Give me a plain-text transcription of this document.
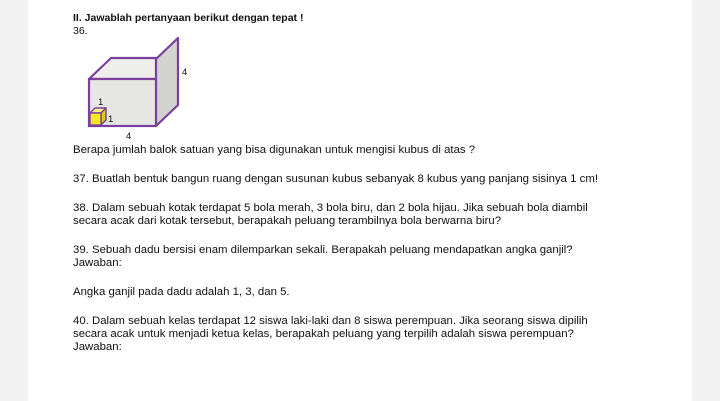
II. Jawablah pertanyaan berikut dengan tepat !

36.

4
4
1
1

Berapa jumlah balok satuan yang bisa digunakan untuk mengisi kubus di atas ?

37. Buatlah bentuk bangun ruang dengan susunan kubus sebanyak 8 kubus yang panjang sisinya 1 cm!

38. Dalam sebuah kotak terdapat 5 bola merah, 3 bola biru, dan 2 bola hijau. Jika sebuah bola diambil

secara acak dari kotak tersebut, berapakah peluang terambilnya bola berwarna biru?

39. Sebuah dadu bersisi enam dilemparkan sekali. Berapakah peluang mendapatkan angka ganjil?

Jawaban:

Angka ganjil pada dadu adalah 1, 3, dan 5.

40. Dalam sebuah kelas terdapat 12 siswa laki-laki dan 8 siswa perempuan. Jika seorang siswa dipilih

secara acak untuk menjadi ketua kelas, berapakah peluang yang terpilih adalah siswa perempuan?

Jawaban:
